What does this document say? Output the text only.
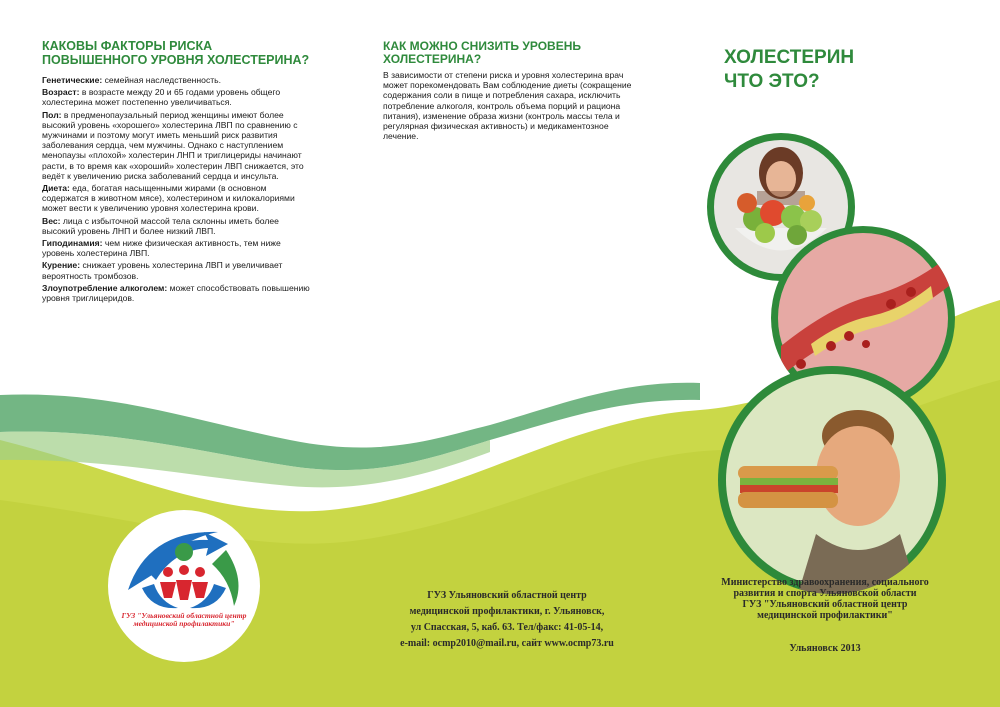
КАКОВЫ ФАКТОРЫ РИСКА ПОВЫШЕННОГО УРОВНЯ ХОЛЕСТЕРИНА?

Генетические: семейная наследственность.

Возраст: в возрасте между 20 и 65 годами уровень общего холестерина может постепенно увеличиваться.

Пол: в предменопаузальный период женщины имеют более высокий уровень «хорошего» холестерина ЛВП по сравнению с мужчинами и поэтому могут иметь меньший риск развития заболевания сердца, чем мужчины. Однако с наступлением менопаузы «плохой» холестерин ЛНП и триглицериды начинают расти, в то время как «хороший» холестерин ЛВП снижается, это ведёт к увеличению риска заболеваний сердца и инсульта.

Диета: еда, богатая насыщенными жирами (в основном содержатся в животном мясе), холестерином и килокалориями может вести к увеличению уровня холестерина крови.

Вес: лица с избыточной массой тела склонны иметь более высокий уровень ЛНП и более низкий ЛВП.

Гиподинамия: чем ниже физическая активность, тем ниже уровень холестерина ЛВП.

Курение: снижает уровень холестерина ЛВП и увеличивает вероятность тромбозов.

Злоупотребление алкоголем: может способствовать повышению уровня триглицеридов.

КАК МОЖНО СНИЗИТЬ УРОВЕНЬ ХОЛЕСТЕРИНА?

В зависимости от степени риска и уровня холестерина врач может порекомендовать Вам соблюдение диеты (сокращение содержания соли в пище и потребления сахара, исключить потребление алкоголя, контроль объема порций и рациона питания), изменение образа жизни (контроль массы тела и регулярная физическая активность) и медикаментозное лечение.

ХОЛЕСТЕРИН
ЧТО ЭТО?
ГУЗ "Ульяновский областной центр медицинской профилактики"
ГУЗ Ульяновский областной центр
медицинской профилактики, г. Ульяновск,
ул Спасская, 5, каб. 63. Тел/факс: 41-05-14,
e-mail: ocmp2010@mail.ru, сайт www.ocmp73.ru
Министерство здравоохранения, социального
развития и спорта Ульяновской области
ГУЗ "Ульяновский областной центр
медицинской профилактики"
Ульяновск 2013
